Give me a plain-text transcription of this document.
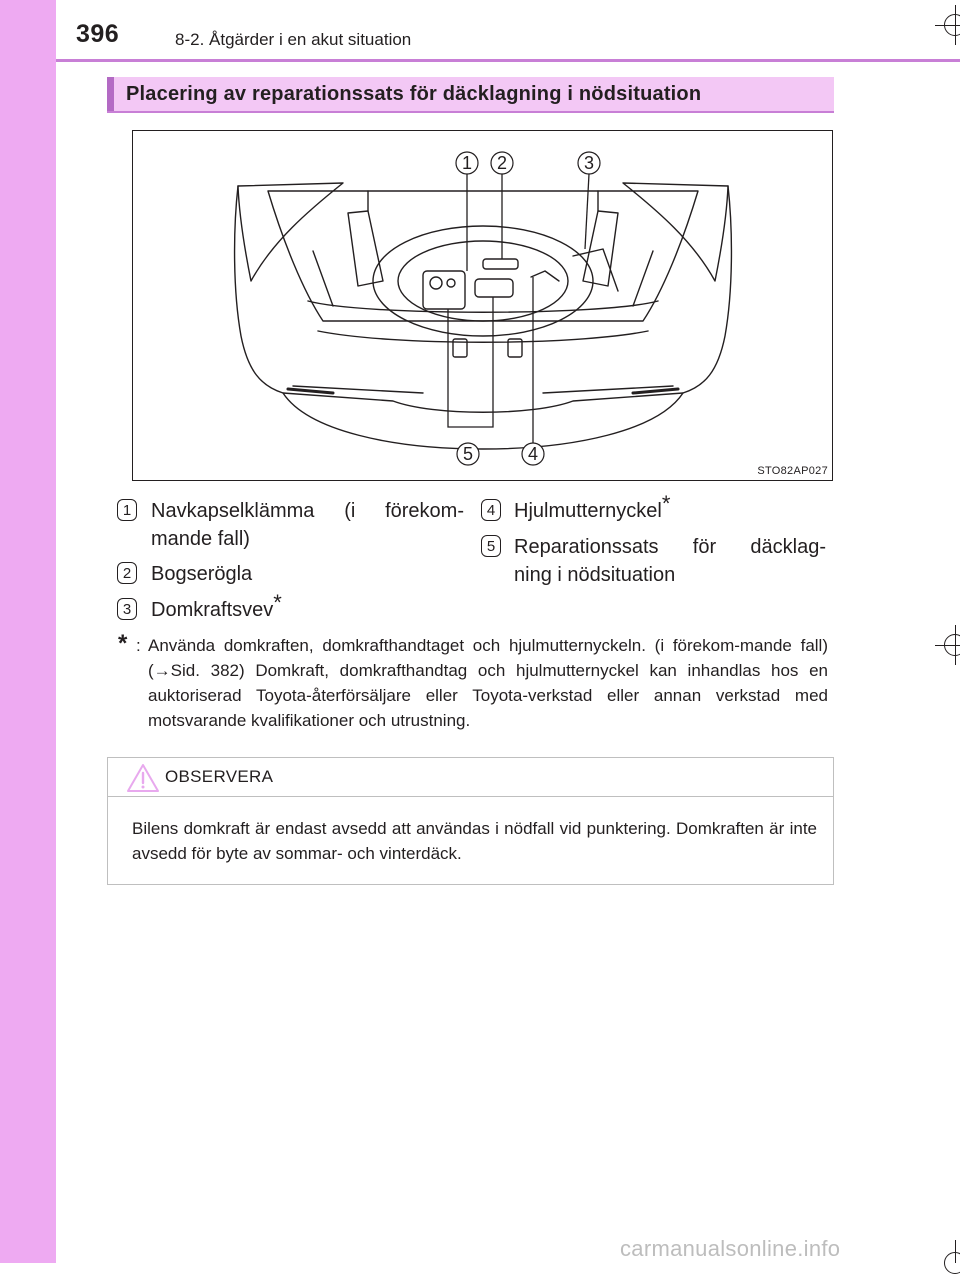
396	8-2. Åtgärder i en akut situation
Placering av reparationssats för däcklagning i nödsituation
1 2	3
5	4
STO82AP027
1 Navkapselklämma (i förekom-
mande fall)
2 Bogserögla
3 Domkraftsvev*
4 Hjulmutternyckel*
5 Reparationssats för däcklag-
ning i nödsituation
* : Använda domkraften, domkrafthandtaget och hjulmutternyckeln. (i förekom-mande fall) (→Sid. 382) Domkraft, domkrafthandtag och hjulmutternyckel kan inhandlas hos en auktoriserad Toyota-återförsäljare eller Toyota-verkstad eller annan verkstad med motsvarande kvalifikationer och utrustning.
OBSERVERA
Bilens domkraft är endast avsedd att användas i nödfall vid punktering. Domkraften är inte avsedd för byte av sommar- och vinterdäck.
carmanualsonline.info
